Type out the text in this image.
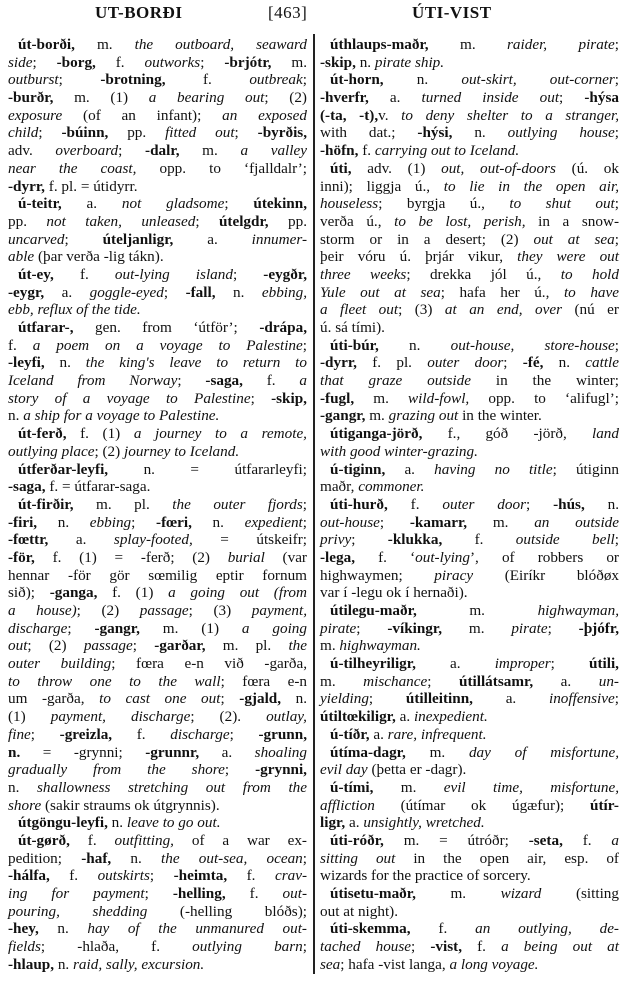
UT-BORÐI	[463]	ÚTI-VIST
út-borði, m. the outboard, seaward
side; -borg, f. outworks; -brjótr, m.
outburst; -brotning, f. outbreak;
-burðr, m. (1) a bearing out; (2)
exposure (of an infant); an exposed
child; -búinn, pp. fitted out; -byrðis,
adv. overboard; -dalr, m. a valley
near the coast, opp. to ‘fjalldalr’;
-dyrr, f. pl. = útidyrr.
ú-teitr, a. not gladsome; útekinn,
pp. not taken, unleased; útelgdr, pp.
uncarved; úteljanligr, a. innumer-
able (þar verða -lig tákn).
út-ey, f. out-lying island; -eygðr,
-eygr, a. goggle-eyed; -fall, n. ebbing,
ebb, reflux of the tide.
útfarar-, gen. from ‘útför’; -drápa,
f. a poem on a voyage to Palestine;
-leyfi, n. the king's leave to return to
Iceland from Norway; -saga, f. a
story of a voyage to Palestine; -skip,
n. a ship for a voyage to Palestine.
út-ferð, f. (1) a journey to a remote,
outlying place; (2) journey to Iceland.
útferðar-leyfi, n. = útfararleyfi;
-saga, f. = útfarar-saga.
út-firðir, m. pl. the outer fjords;
-firi, n. ebbing; -fœri, n. expedient;
-fœttr, a. splay-footed, = útskeifr;
-för, f. (1) = -ferð; (2) burial (var
hennar -för gör sœmilig eptir fornum
sið); -ganga, f. (1) a going out (from
a house); (2) passage; (3) payment,
discharge; -gangr, m. (1) a going
out; (2) passage; -garðar, m. pl. the
outer building; fœra e-n við -garða,
to throw one to the wall; fœra e-n
um -garða, to cast one out; -gjald, n.
(1) payment, discharge; (2). outlay,
fine; -greizla, f. discharge; -grunn,
n. = -grynni; -grunnr, a. shoaling
gradually from the shore; -grynni,
n. shallowness stretching out from the
shore (sakir straums ok útgrynnis).
útgöngu-leyfi, n. leave to go out.
út-gørð, f. outfitting, of a war ex-
pedition; -haf, n. the out-sea, ocean;
-hálfa, f. outskirts; -heimta, f. crav-
ing for payment; -helling, f. out-
pouring, shedding (-helling blóðs);
-hey, n. hay of the unmanured out-
fields; -hlaða, f. outlying barn;
-hlaup, n. raid, sally, excursion.
úthlaups-maðr, m. raider, pirate;
-skip, n. pirate ship.
út-horn, n. out-skirt, out-corner;
-hverfr, a. turned inside out; -hýsa
(-ta, -t),v. to deny shelter to a stranger,
with dat.; -hýsi, n. outlying house;
-höfn, f. carrying out to Iceland.
úti, adv. (1) out, out-of-doors (ú. ok
inni); liggja ú., to lie in the open air,
houseless; byrgja ú., to shut out;
verða ú., to be lost, perish, in a snow-
storm or in a desert; (2) out at sea;
þeir vóru ú. þrjár vikur, they were out
three weeks; drekka jól ú., to hold
Yule out at sea; hafa her ú., to have
a fleet out; (3) at an end, over (nú er
ú. sá tími).
úti-búr, n. out-house, store-house;
-dyrr, f. pl. outer door; -fé, n. cattle
that graze outside in the winter;
-fugl, m. wild-fowl, opp. to ‘alifugl’;
-gangr, m. grazing out in the winter.
útiganga-jörð, f., góð -jörð, land
with good winter-grazing.
ú-tiginn, a. having no title; útiginn
maðr, commoner.
úti-hurð, f. outer door; -hús, n.
out-house; -kamarr, m. an outside
privy; -klukka, f. outside bell;
-lega, f. ‘out-lying’, of robbers or
highwaymen; piracy (Eiríkr blóðøx
var í -legu ok í hernaði).
útilegu-maðr, m. highwayman,
pirate; -víkingr, m. pirate; -þjófr,
m. highwayman.
ú-tilheyriligr, a. improper; útili,
m. mischance; útillátsamr, a. un-
yielding; útilleitinn, a. inoffensive;
útiltœkiligr, a. inexpedient.
ú-tíðr, a. rare, infrequent.
útíma-dagr, m. day of misfortune,
evil day (þetta er -dagr).
ú-tími, m. evil time, misfortune,
affliction (útímar ok úgæfur); útír-
ligr, a. unsightly, wretched.
úti-róðr, m. = útróðr; -seta, f. a
sitting out in the open air, esp. of
wizards for the practice of sorcery.
útisetu-maðr, m. wizard (sitting
out at night).
úti-skemma, f. an outlying, de-
tached house; -vist, f. a being out at
sea; hafa -vist langa, a long voyage.
